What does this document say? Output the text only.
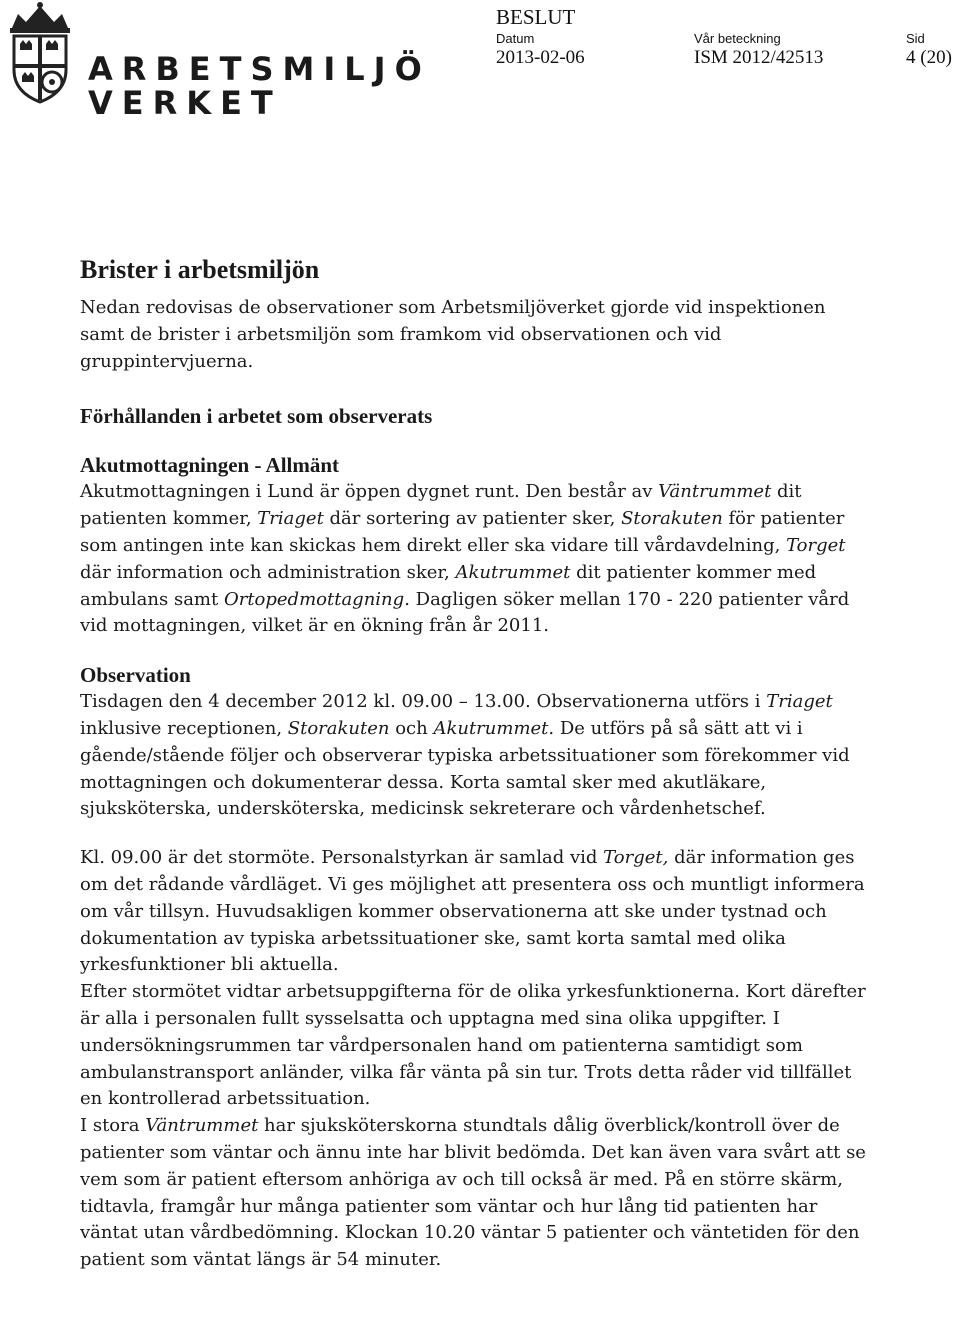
ARBETSMILJÖ
VERKET
BESLUT
Datum
2013-02-06
Vår beteckning
ISM 2012/42513
Sid
4 (20)
Brister i arbetsmiljön

Nedan redovisas de observationer som Arbetsmiljöverket gjorde vid inspektionen samt de brister i arbetsmiljön som framkom vid observationen och vid gruppintervjuerna.

Förhållanden i arbetet som observerats
Akutmottagningen - Allmänt

Akutmottagningen i Lund är öppen dygnet runt. Den består av Väntrummet dit patienten kommer, Triaget där sortering av patienter sker, Storakuten för patienter som antingen inte kan skickas hem direkt eller ska vidare till vårdavdelning, Torget där information och administration sker, Akutrummet dit patienter kommer med ambulans samt Ortopedmottagning. Dagligen söker mellan 170 - 220 patienter vård vid mottagningen, vilket är en ökning från år 2011.

Observation

Tisdagen den 4 december 2012 kl. 09.00 – 13.00. Observationerna utförs i Triaget inklusive receptionen, Storakuten och Akutrummet. De utförs på så sätt att vi i gående/stående följer och observerar typiska arbetssituationer som förekommer vid mottagningen och dokumenterar dessa. Korta samtal sker med akutläkare, sjuksköterska, undersköterska, medicinsk sekreterare och vårdenhetschef.

Kl. 09.00 är det stormöte. Personalstyrkan är samlad vid Torget, där information ges om det rådande vårdläget. Vi ges möjlighet att presentera oss och muntligt informera om vår tillsyn. Huvudsakligen kommer observationerna att ske under tystnad och dokumentation av typiska arbetssituationer ske, samt korta samtal med olika yrkesfunktioner bli aktuella.

Efter stormötet vidtar arbetsuppgifterna för de olika yrkesfunktionerna. Kort därefter är alla i personalen fullt sysselsatta och upptagna med sina olika uppgifter. I undersökningsrummen tar vårdpersonalen hand om patienterna samtidigt som ambulanstransport anländer, vilka får vänta på sin tur. Trots detta råder vid tillfället en kontrollerad arbetssituation.

I stora Väntrummet har sjuksköterskorna stundtals dålig överblick/kontroll över de patienter som väntar och ännu inte har blivit bedömda. Det kan även vara svårt att se vem som är patient eftersom anhöriga av och till också är med. På en större skärm, tidtavla, framgår hur många patienter som väntar och hur lång tid patienten har väntat utan vårdbedömning. Klockan 10.20 väntar 5 patienter och väntetiden för den patient som väntat längs är 54 minuter.
